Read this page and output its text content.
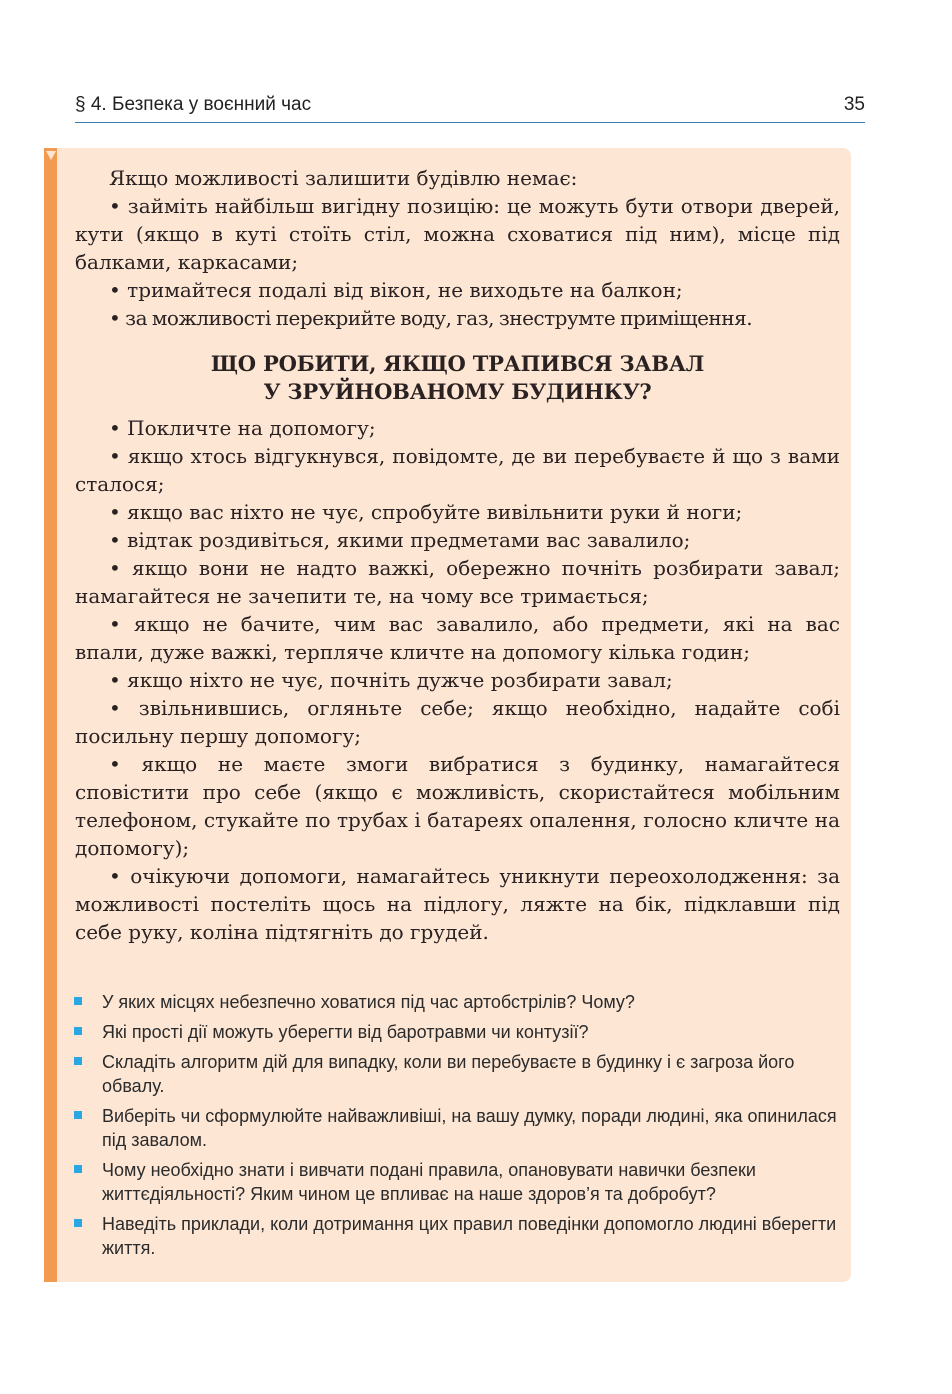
§ 4. Безпека у воєнний час	35

Якщо можливості залишити будівлю немає:

• займіть найбільш вигідну позицію: це можуть бути отвори дверей, кути (якщо в куті стоїть стіл, можна сховатися під ним), місце під балками, каркасами;

• тримайтеся подалі від вікон, не виходьте на балкон;

• за можливості перекрийте воду, газ, знеструмте приміщення.

ЩО РОБИТИ, ЯКЩО ТРАПИВСЯ ЗАВАЛ
У ЗРУЙНОВАНОМУ БУДИНКУ?

• Покличте на допомогу;

• якщо хтось відгукнувся, повідомте, де ви перебуваєте й що з вами сталося;

• якщо вас ніхто не чує, спробуйте вивільнити руки й ноги;

• відтак роздивіться, якими предметами вас завалило;

• якщо вони не надто важкі, обережно почніть розбирати завал; намагайтеся не зачепити те, на чому все тримається;

• якщо не бачите, чим вас завалило, або предмети, які на вас впали, дуже важкі, терпляче кличте на допомогу кілька годин;

• якщо ніхто не чує, почніть дужче розбирати завал;

• звільнившись, огляньте себе; якщо необхідно, надайте собі посильну першу допомогу;

• якщо не маєте змоги вибратися з будинку, намагайтеся сповістити про себе (якщо є можливість, скористайтеся мобільним телефоном, стукайте по трубах і батареях опалення, голосно кличте на допомогу);

• очікуючи допомоги, намагайтесь уникнути переохолодження: за можливості постеліть щось на підлогу, ляжте на бік, підклавши під себе руку, коліна підтягніть до грудей.

У яких місцях небезпечно ховатися під час артобстрілів? Чому?
Які прості дії можуть уберегти від баротравми чи контузії?
Складіть алгоритм дій для випадку, коли ви перебуваєте в будинку і є загроза його обвалу.
Виберіть чи сформулюйте найважливіші, на вашу думку, поради людині, яка опинилася під завалом.
Чому необхідно знати і вивчати подані правила, опановувати навички безпеки життєдіяльності? Яким чином це впливає на наше здоров’я та добробут?
Наведіть приклади, коли дотримання цих правил поведінки допомогло людині вберегти життя.
